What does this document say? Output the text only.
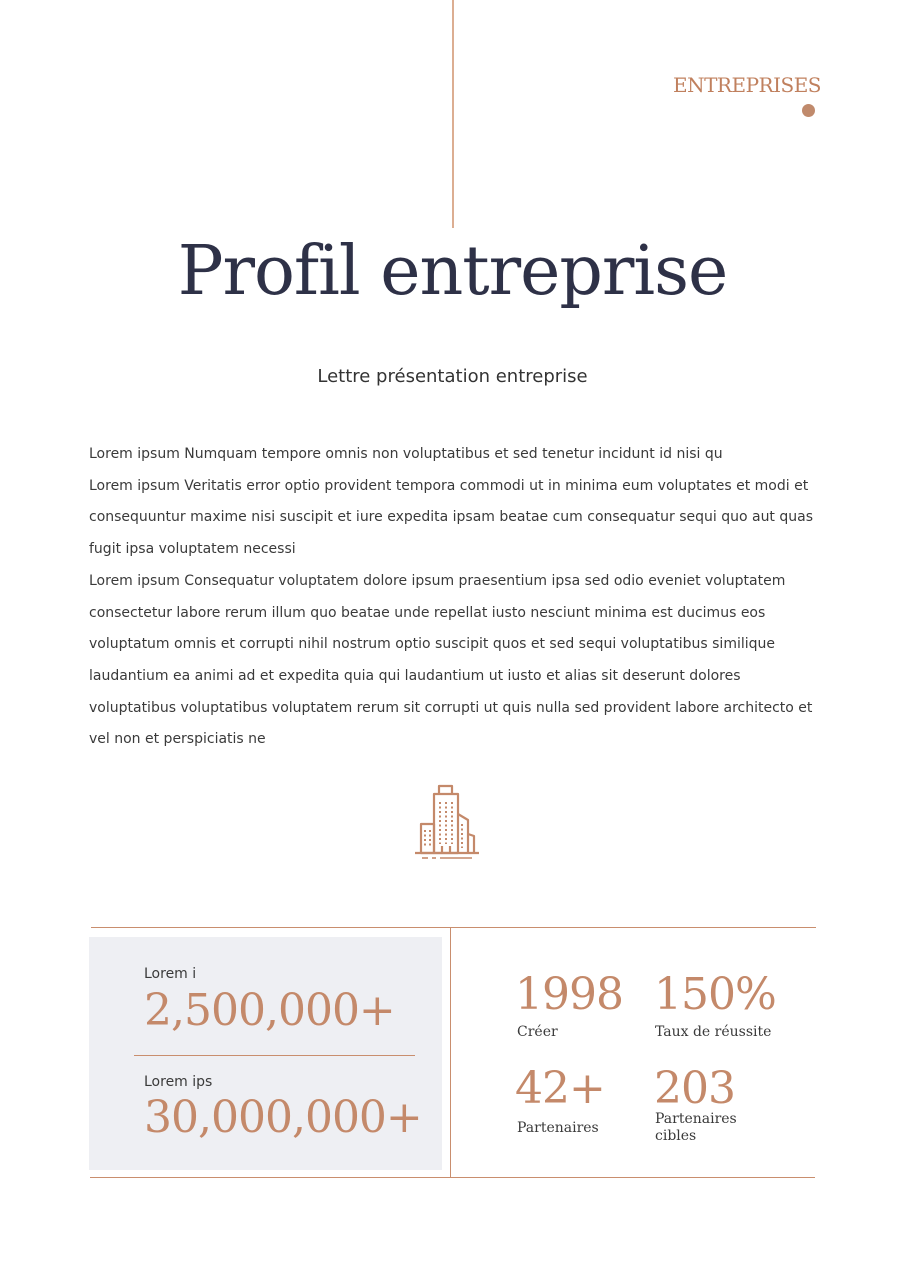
ENTREPRISES
Profil entreprise
Lettre présentation entreprise

Lorem ipsum Numquam tempore omnis non voluptatibus et sed tenetur incidunt id nisi qu

Lorem ipsum Veritatis error optio provident tempora commodi ut in minima eum voluptates et modi et consequuntur maxime nisi suscipit et iure expedita ipsam beatae cum consequatur sequi quo aut quas fugit ipsa voluptatem necessi

Lorem ipsum Consequatur voluptatem dolore ipsum praesentium ipsa sed odio eveniet voluptatem consectetur labore rerum illum quo beatae unde repellat iusto nesciunt minima est ducimus eos voluptatum omnis et corrupti nihil nostrum optio suscipit quos et sed sequi voluptatibus similique laudantium ea animi ad et expedita quia qui laudantium ut iusto et alias sit deserunt dolores voluptatibus voluptatibus voluptatem rerum sit corrupti ut quis nulla sed provident labore architecto et vel non et perspiciatis ne

Lorem i
2,500,000+
Lorem ips
30,000,000+
1998
Créer
150%
Taux de réussite
42+
Partenaires
203
Partenaires cibles
